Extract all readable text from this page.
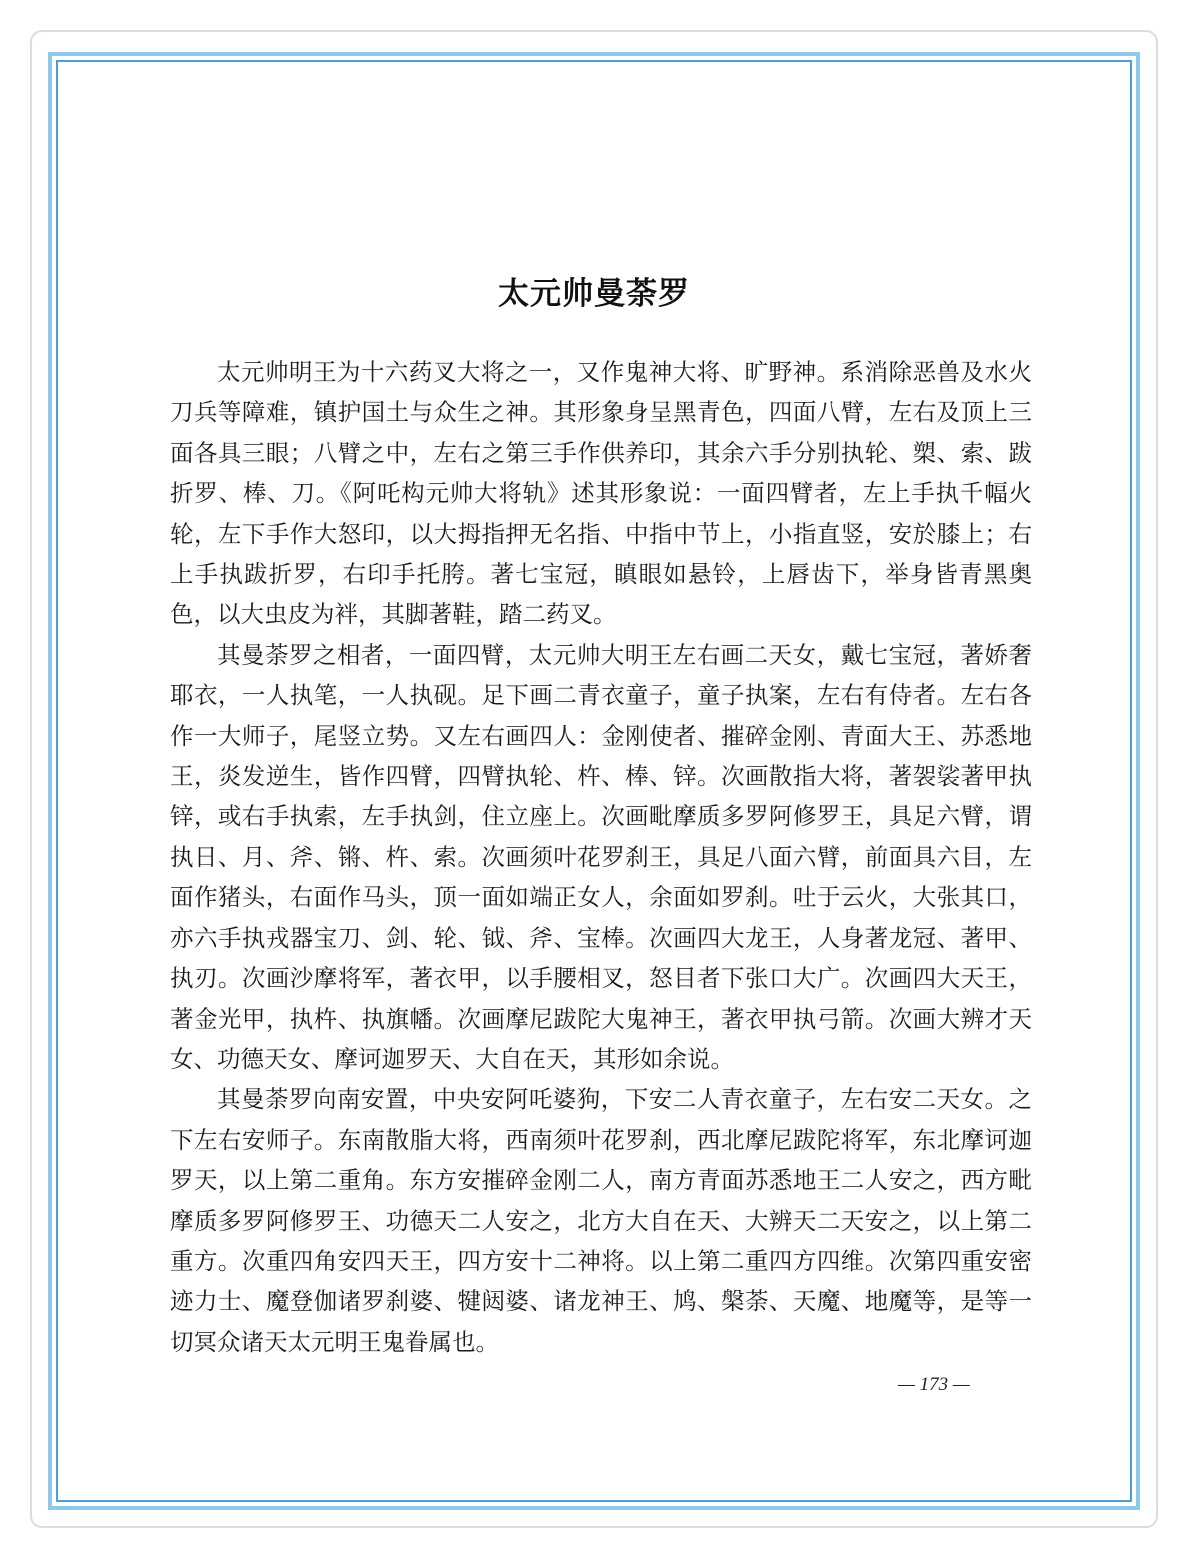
太元帅曼荼罗

太元帅明王为十六药叉大将之一，又作鬼神大将、旷野神。系消除恶兽及水火刀兵等障难，镇护国土与众生之神。其形象身呈黑青色，四面八臂，左右及顶上三面各具三眼；八臂之中，左右之第三手作供养印，其余六手分别执轮、槊、索、跋折罗、棒、刀。《阿吒构元帅大将轨》述其形象说：一面四臂者，左上手执千幅火轮，左下手作大怒印，以大拇指押无名指、中指中节上，小指直竖，安於膝上；右上手执跋折罗，右印手托胯。著七宝冠，瞋眼如悬铃，上唇齿下，举身皆青黑奥色，以大虫皮为袢，其脚著鞋，踏二药叉。

其曼荼罗之相者，一面四臂，太元帅大明王左右画二天女，戴七宝冠，著娇奢耶衣，一人执笔，一人执砚。足下画二青衣童子，童子执案，左右有侍者。左右各作一大师子，尾竖立势。又左右画四人：金刚使者、摧碎金刚、青面大王、苏悉地王，炎发逆生，皆作四臂，四臂执轮、杵、棒、锌。次画散指大将，著袈裟著甲执锌，或右手执索，左手执剑，住立座上。次画毗摩质多罗阿修罗王，具足六臂，谓执日、月、斧、锵、杵、索。次画须叶花罗刹王，具足八面六臂，前面具六目，左面作猪头，右面作马头，顶一面如端正女人，余面如罗刹。吐于云火，大张其口，亦六手执戎器宝刀、剑、轮、钺、斧、宝棒。次画四大龙王，人身著龙冠、著甲、执刃。次画沙摩将军，著衣甲，以手腰相叉，怒目者下张口大广。次画四大天王，著金光甲，执杵、执旗幡。次画摩尼跋陀大鬼神王，著衣甲执弓箭。次画大辨才天女、功德天女、摩诃迦罗天、大自在天，其形如余说。

其曼荼罗向南安置，中央安阿吒婆狗，下安二人青衣童子，左右安二天女。之下左右安师子。东南散脂大将，西南须叶花罗刹，西北摩尼跋陀将军，东北摩诃迦罗天，以上第二重角。东方安摧碎金刚二人，南方青面苏悉地王二人安之，西方毗摩质多罗阿修罗王、功德天二人安之，北方大自在天、大辨天二天安之，以上第二重方。次重四角安四天王，四方安十二神将。以上第二重四方四维。次第四重安密迹力士、魔登伽诸罗刹婆、犍闼婆、诸龙神王、鸠、槃荼、天魔、地魔等，是等一切冥众诸天太元明王鬼眷属也。

— 173 —
